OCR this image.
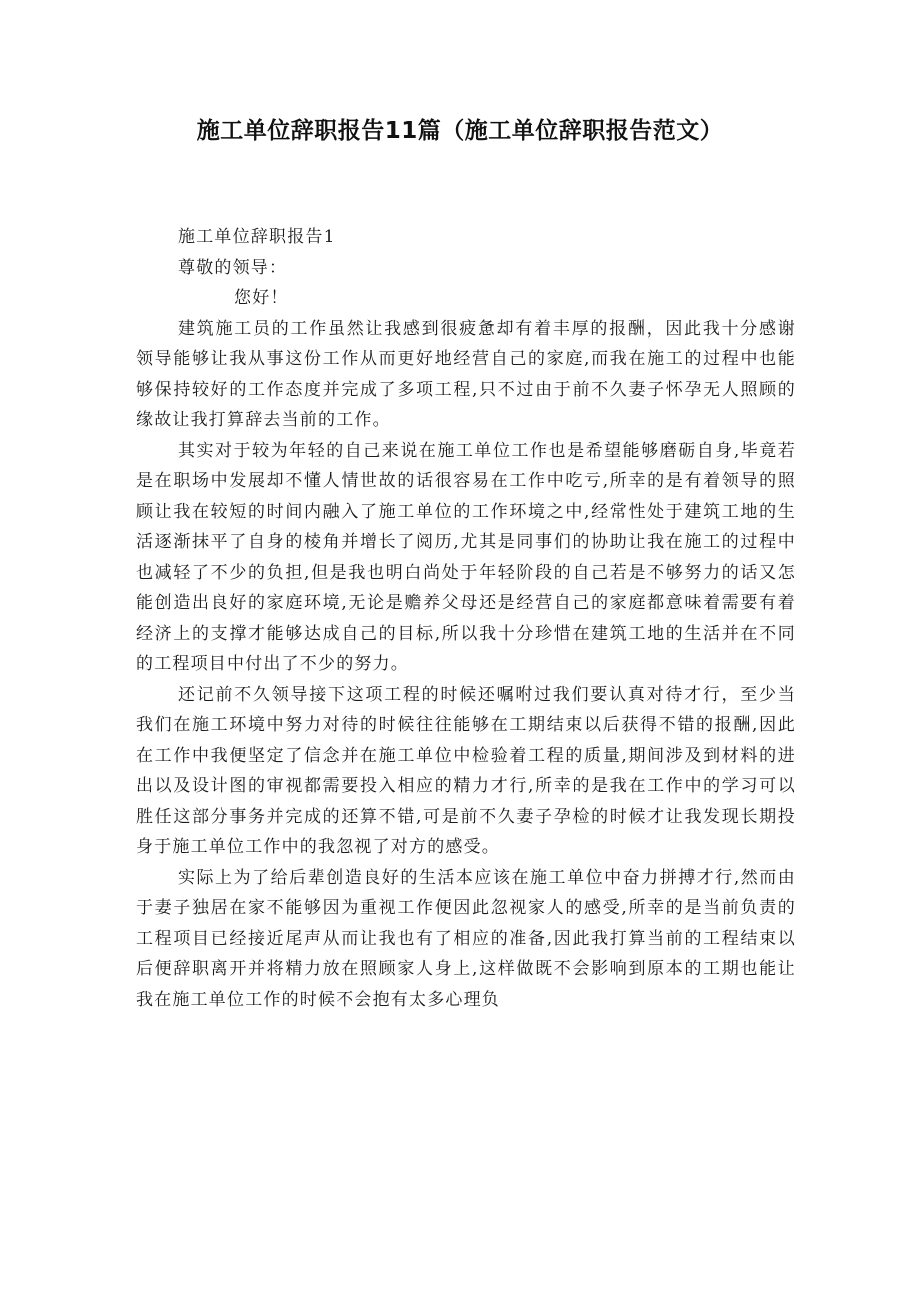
施工单位辞职报告11篇（施工单位辞职报告范文）

施工单位辞职报告1

尊敬的领导：

您好！

建筑施工员的工作虽然让我感到很疲惫却有着丰厚的报酬，因此我十分感谢领导能够让我从事这份工作从而更好地经营自己的家庭,而我在施工的过程中也能够保持较好的工作态度并完成了多项工程,只不过由于前不久妻子怀孕无人照顾的缘故让我打算辞去当前的工作。

其实对于较为年轻的自己来说在施工单位工作也是希望能够磨砺自身,毕竟若是在职场中发展却不懂人情世故的话很容易在工作中吃亏,所幸的是有着领导的照顾让我在较短的时间内融入了施工单位的工作环境之中,经常性处于建筑工地的生活逐渐抹平了自身的棱角并增长了阅历,尤其是同事们的协助让我在施工的过程中也减轻了不少的负担,但是我也明白尚处于年轻阶段的自己若是不够努力的话又怎能创造出良好的家庭环境,无论是赡养父母还是经营自己的家庭都意味着需要有着经济上的支撑才能够达成自己的目标,所以我十分珍惜在建筑工地的生活并在不同的工程项目中付出了不少的努力。

还记前不久领导接下这项工程的时候还嘱咐过我们要认真对待才行，至少当我们在施工环境中努力对待的时候往往能够在工期结束以后获得不错的报酬,因此在工作中我便坚定了信念并在施工单位中检验着工程的质量,期间涉及到材料的进出以及设计图的审视都需要投入相应的精力才行,所幸的是我在工作中的学习可以胜任这部分事务并完成的还算不错,可是前不久妻子孕检的时候才让我发现长期投身于施工单位工作中的我忽视了对方的感受。

实际上为了给后辈创造良好的生活本应该在施工单位中奋力拼搏才行,然而由于妻子独居在家不能够因为重视工作便因此忽视家人的感受,所幸的是当前负责的工程项目已经接近尾声从而让我也有了相应的准备,因此我打算当前的工程结束以后便辞职离开并将精力放在照顾家人身上,这样做既不会影响到原本的工期也能让我在施工单位工作的时候不会抱有太多心理负
